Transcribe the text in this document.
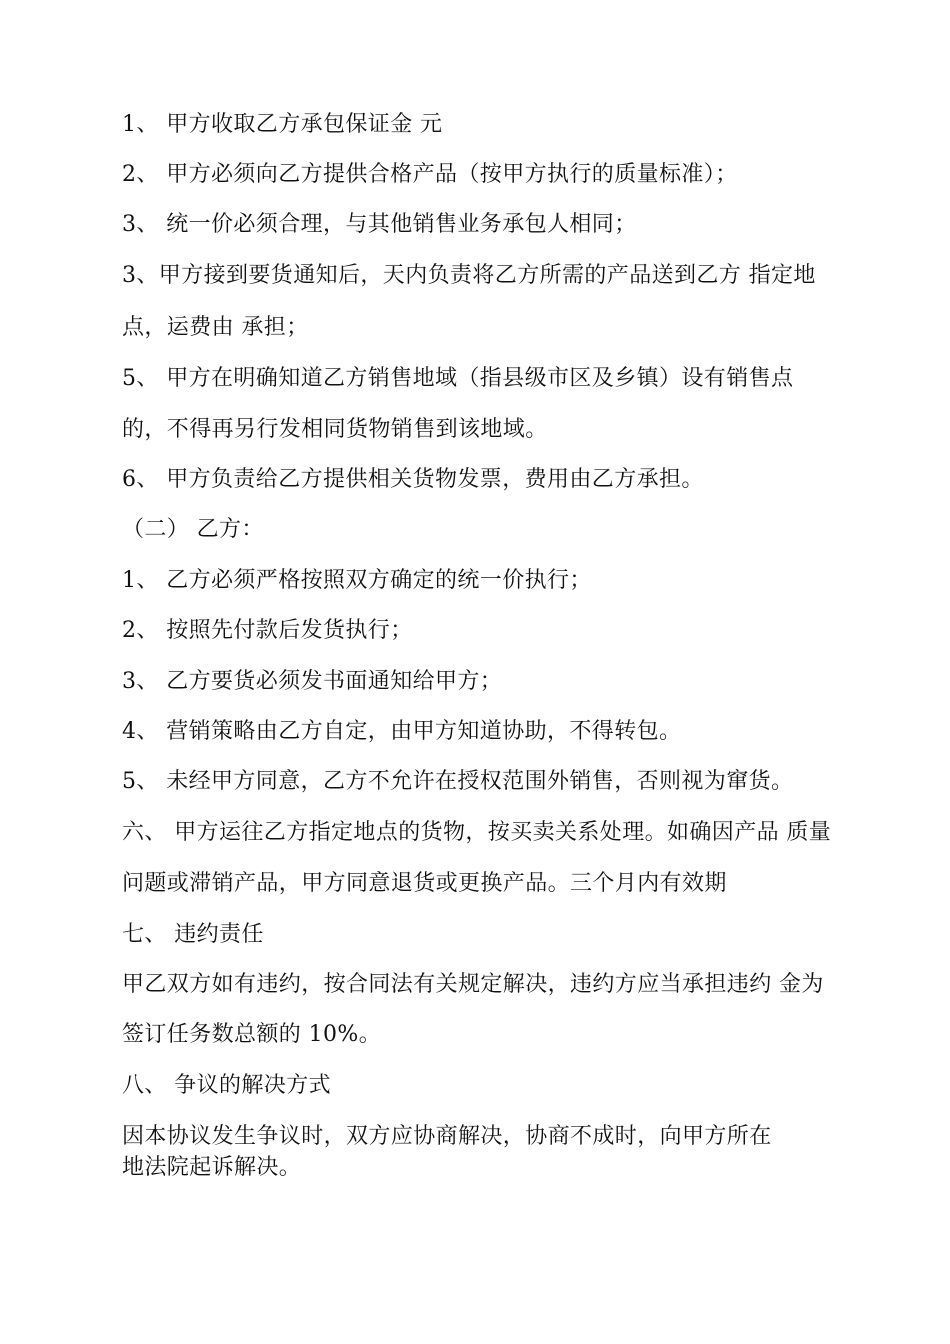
1、 甲方收取乙方承包保证金 元
2、 甲方必须向乙方提供合格产品（按甲方执行的质量标准）；
3、 统一价必须合理，与其他销售业务承包人相同；
3、甲方接到要货通知后，天内负责将乙方所需的产品送到乙方 指定地
点，运费由 承担；
5、 甲方在明确知道乙方销售地域（指县级市区及乡镇）设有销售点
的，不得再另行发相同货物销售到该地域。
6、 甲方负责给乙方提供相关货物发票，费用由乙方承担。
（二） 乙方：
1、 乙方必须严格按照双方确定的统一价执行；
2、 按照先付款后发货执行；
3、 乙方要货必须发书面通知给甲方；
4、 营销策略由乙方自定，由甲方知道协助，不得转包。
5、 未经甲方同意，乙方不允许在授权范围外销售，否则视为窜货。
六、 甲方运往乙方指定地点的货物，按买卖关系处理。如确因产品 质量
问题或滞销产品，甲方同意退货或更换产品。三个月内有效期
七、 违约责任
甲乙双方如有违约，按合同法有关规定解决，违约方应当承担违约 金为
签订任务数总额的 10%。
八、 争议的解决方式
因本协议发生争议时，双方应协商解决，协商不成时，向甲方所在
地法院起诉解决。
